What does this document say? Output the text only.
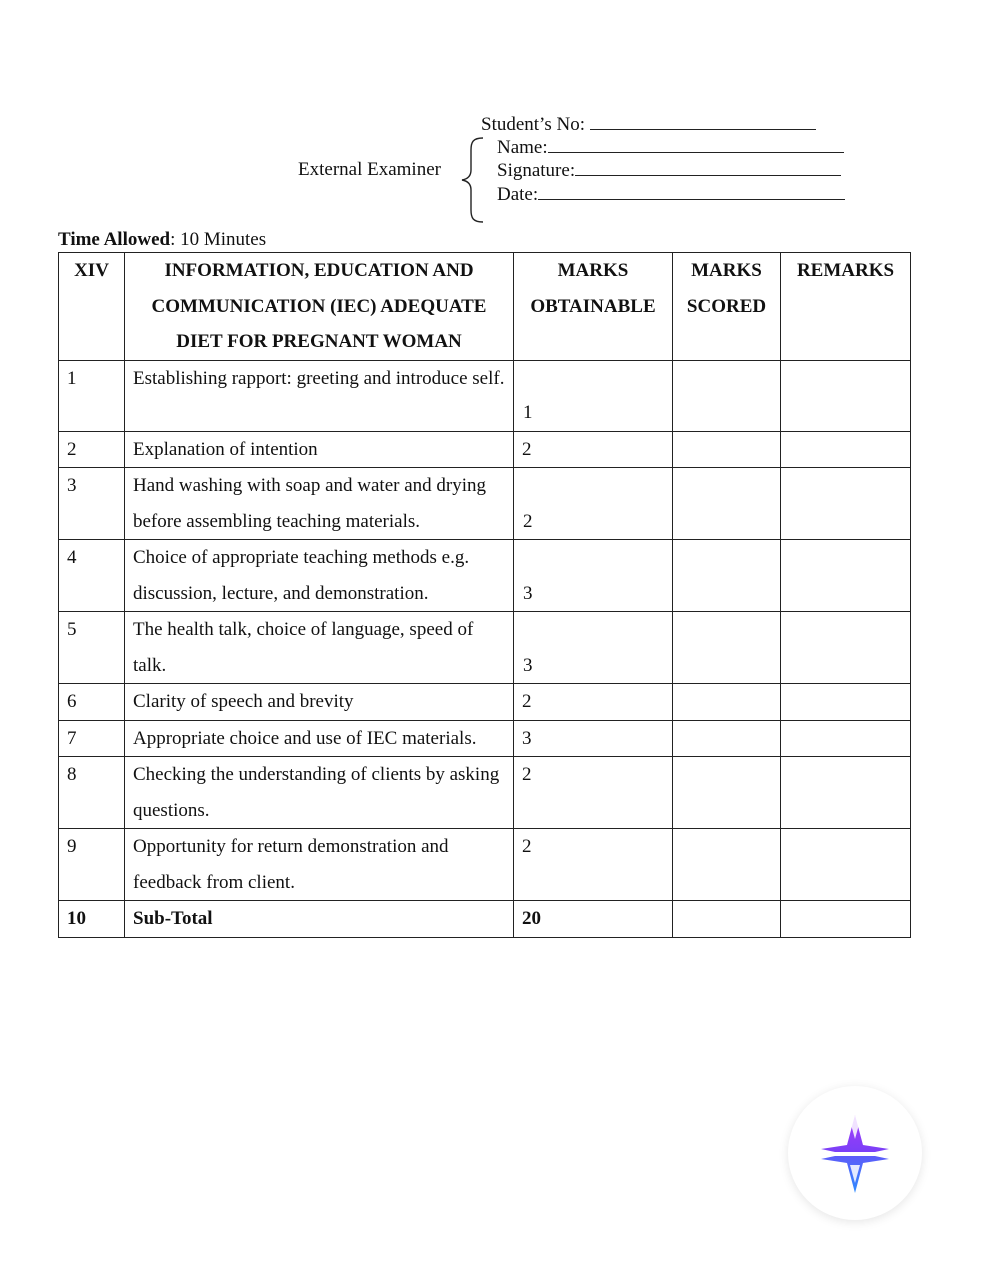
Student’s No:
External Examiner
Name:
Signature:
Date:
Time Allowed: 10 Minutes
XIV	INFORMATION, EDUCATION AND COMMUNICATION (IEC) ADEQUATE DIET FOR PREGNANT WOMAN	MARKS OBTAINABLE	MARKS SCORED	REMARKS
1	Establishing rapport: greeting and introduce self.	1		

2	Explanation of intention	2		
3	Hand washing with soap and water and drying before assembling teaching materials.	2		

4	Choice of appropriate teaching methods e.g. discussion, lecture, and demonstration.	3		

5	The health talk, choice of language, speed of talk.	3		

6	Clarity of speech and brevity	2		
7	Appropriate choice and use of IEC materials.	3		
8	Checking the understanding of clients by asking questions.	2		
9	Opportunity for return demonstration and feedback from client.	2		
10	Sub-Total	20		
